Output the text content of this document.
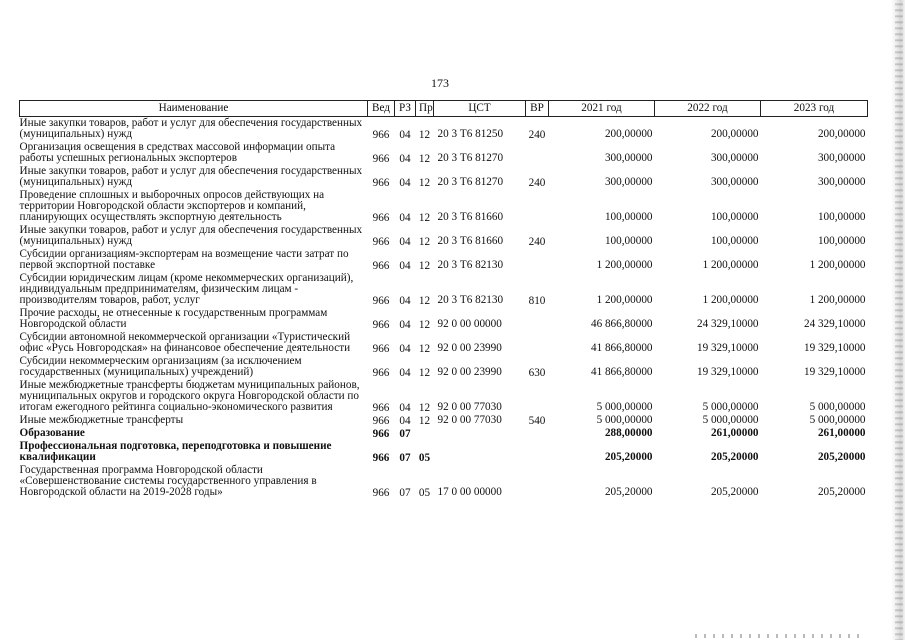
173
Наименование	Вед	РЗ	Пр	ЦСТ	ВР	2021 год	2022 год	2023 год
Иные закупки товаров, работ и услуг для обеспечения государственных (муниципальных) нужд	966	04	12	20 3 Т6 81250	240	200,00000	200,00000	200,00000
Организация освещения в средствах массовой информации опыта работы успешных региональных экспортеров	966	04	12	20 3 Т6 81270		300,00000	300,00000	300,00000
Иные закупки товаров, работ и услуг для обеспечения государственных (муниципальных) нужд	966	04	12	20 3 Т6 81270	240	300,00000	300,00000	300,00000
Проведение сплошных и выборочных опросов действующих на территории Новгородской области экспортеров и компаний, планирующих осуществлять экспортную деятельность	966	04	12	20 3 Т6 81660		100,00000	100,00000	100,00000
Иные закупки товаров, работ и услуг для обеспечения государственных (муниципальных) нужд	966	04	12	20 3 Т6 81660	240	100,00000	100,00000	100,00000
Субсидии организациям-экспортерам на возмещение части затрат по первой экспортной поставке	966	04	12	20 3 Т6 82130		1 200,00000	1 200,00000	1 200,00000
Субсидии юридическим лицам (кроме некоммерческих организаций), индивидуальным предпринимателям, физическим лицам - производителям товаров, работ, услуг	966	04	12	20 3 Т6 82130	810	1 200,00000	1 200,00000	1 200,00000
Прочие расходы, не отнесенные к государственным программам Новгородской области	966	04	12	92 0 00 00000		46 866,80000	24 329,10000	24 329,10000
Субсидии автономной некоммерческой организации «Туристический офис «Русь Новгородская» на финансовое обеспечение деятельности	966	04	12	92 0 00 23990		41 866,80000	19 329,10000	19 329,10000
Субсидии некоммерческим организациям (за исключением государственных (муниципальных) учреждений)	966	04	12	92 0 00 23990	630	41 866,80000	19 329,10000	19 329,10000
Иные межбюджетные трансферты бюджетам муниципальных районов, муниципальных округов и городского округа Новгородской области по итогам ежегодного рейтинга социально-экономического развития	966	04	12	92 0 00 77030		5 000,00000	5 000,00000	5 000,00000
Иные межбюджетные трансферты	966	04	12	92 0 00 77030	540	5 000,00000	5 000,00000	5 000,00000
Образование	966	07				288,00000	261,00000	261,00000
Профессиональная подготовка, переподготовка и повышение квалификации	966	07	05			205,20000	205,20000	205,20000
Государственная программа Новгородской области «Совершенствование системы государственного управления в Новгородской области на 2019-2028 годы»	966	07	05	17 0 00 00000		205,20000	205,20000	205,20000
